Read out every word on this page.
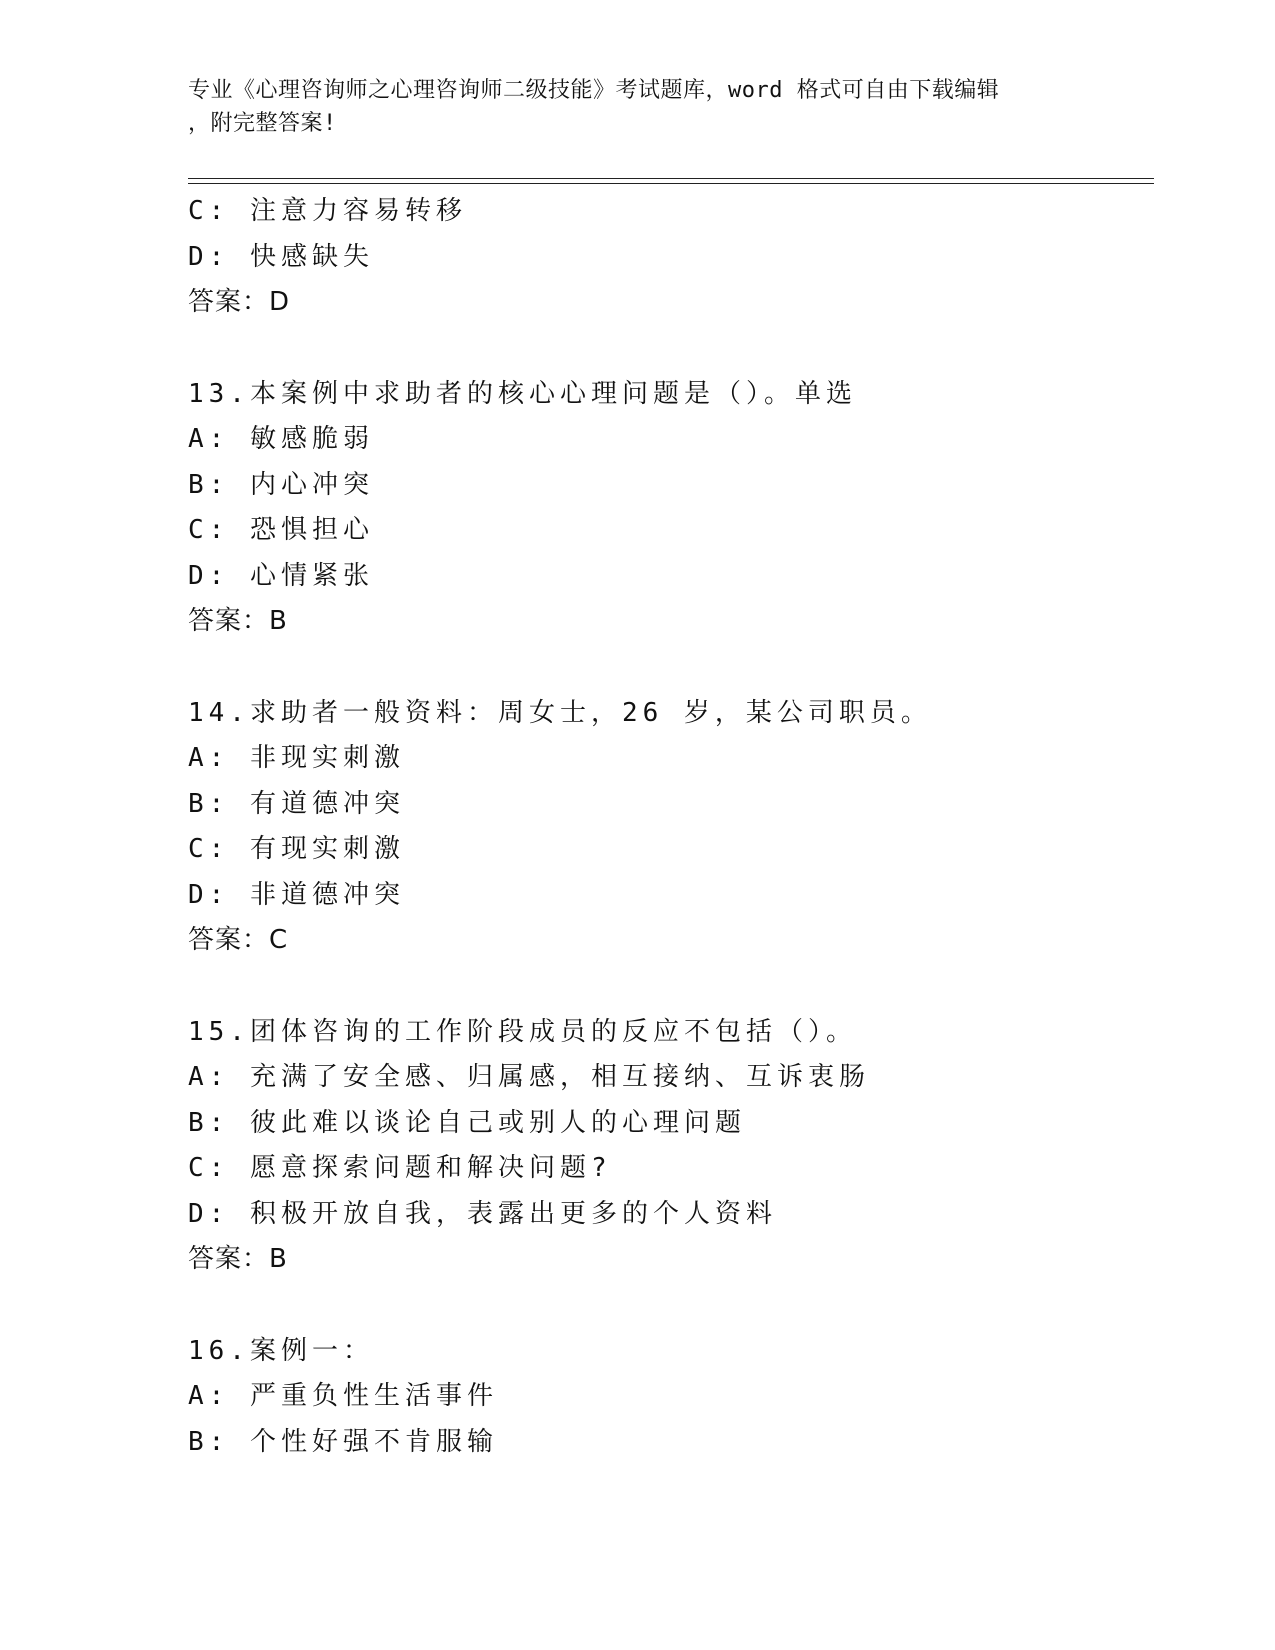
专业《心理咨询师之心理咨询师二级技能》考试题库，word 格式可自由下载编辑
，附完整答案!
C: 注意力容易转移
D: 快感缺失
答案：D
13.本案例中求助者的核心心理问题是（）。单选
A: 敏感脆弱
B: 内心冲突
C: 恐惧担心
D: 心情紧张
答案：B
14.求助者一般资料：周女士，26 岁，某公司职员。
A: 非现实刺激
B: 有道德冲突
C: 有现实刺激
D: 非道德冲突
答案：C
15.团体咨询的工作阶段成员的反应不包括（）。
A: 充满了安全感、归属感，相互接纳、互诉衷肠
B: 彼此难以谈论自己或别人的心理问题
C: 愿意探索问题和解决问题?
D: 积极开放自我，表露出更多的个人资料
答案：B
16.案例一：
A: 严重负性生活事件
B: 个性好强不肯服输
